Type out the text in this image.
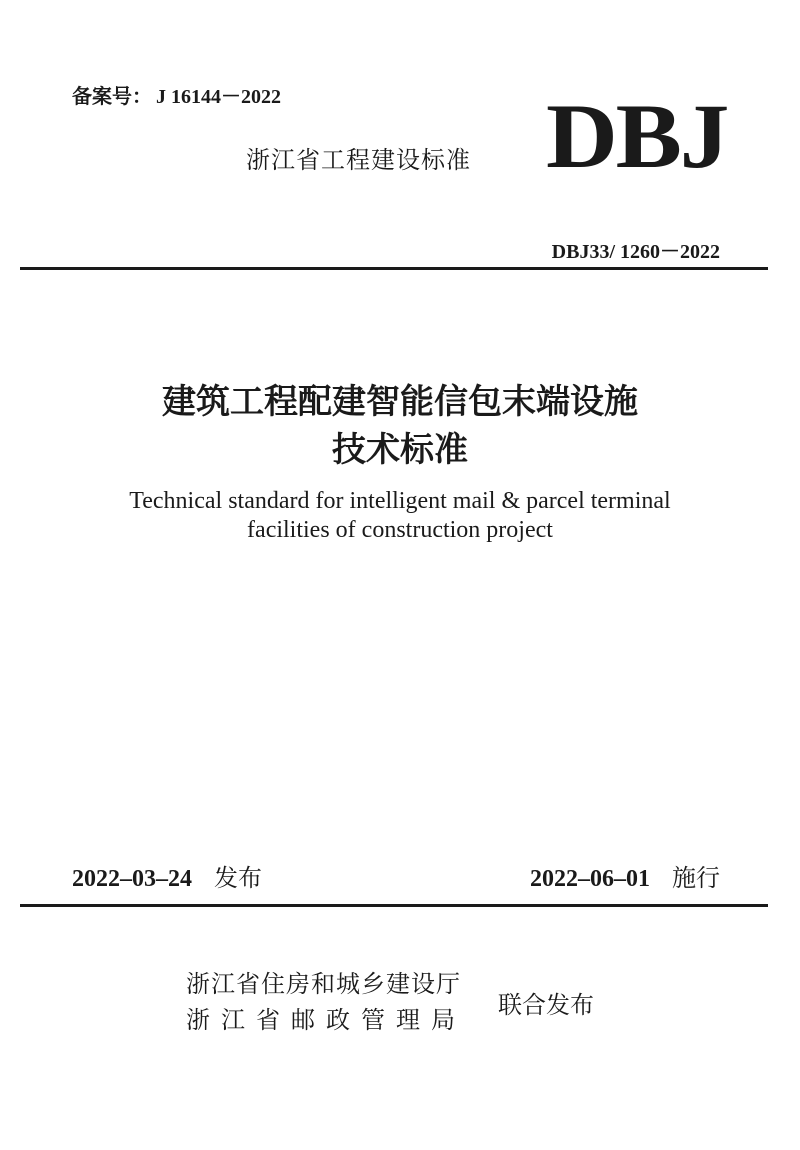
备案号： J 16144－2022
浙江省工程建设标准 DBJ
DBJ33/ 1260－2022
建筑工程配建智能信包末端设施
技术标准
Technical standard for intelligent mail & parcel terminal
facilities of construction project
2022–03–24 发布	2022–06–01 施行
浙江省住房和城乡建设厅
浙江省邮政管理局
联合发布
